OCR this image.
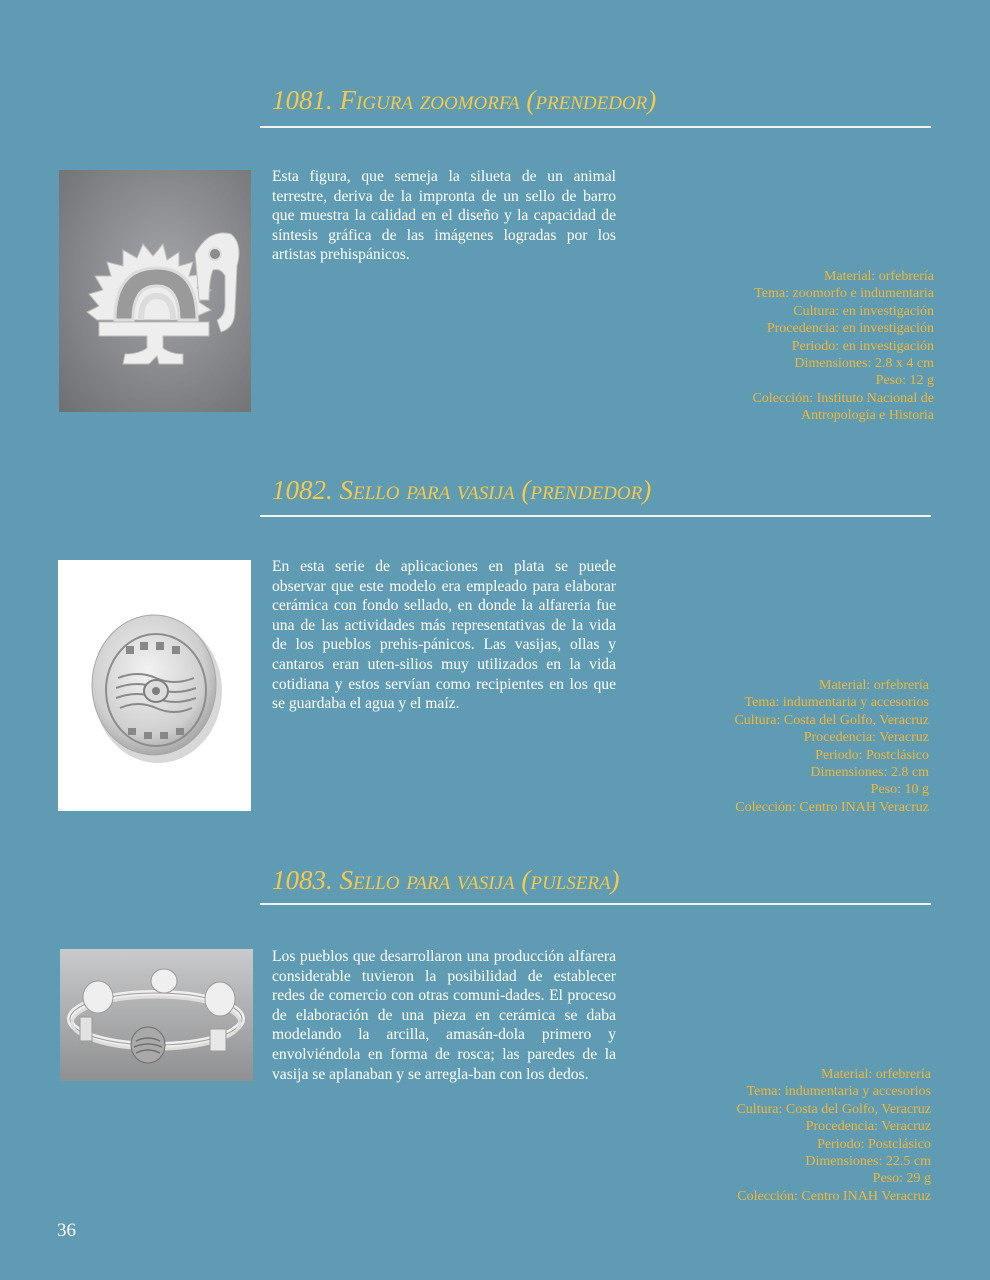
1081. Figura zoomorfa (prendedor)

Esta figura, que semeja la silueta de un animal terrestre, deriva de la impronta de un sello de barro que muestra la calidad en el diseño y la capacidad de síntesis gráfica de las imágenes logradas por los artistas prehispánicos.

Material: orfebrería
Tema: zoomorfo e indumentaria
Cultura: en investigación
Procedencia: en investigación
Periodo: en investigación
Dimensiones: 2.8 x 4 cm
Peso: 12 g
Colección: Instituto Nacional de
Antropología e Historia
1082. Sello para vasija (prendedor)

En esta serie de aplicaciones en plata se puede observar que este modelo era empleado para elaborar cerámica con fondo sellado, en donde la alfarería fue una de las actividades más representativas de la vida de los pueblos prehis-pánicos. Las vasijas, ollas y cantaros eran uten-silios muy utilizados en la vida cotidiana y estos servían como recipientes en los que se guardaba el agua y el maíz.

Material: orfebrería
Tema: indumentaria y accesorios
Cultura: Costa del Golfo, Veracruz
Procedencia: Veracruz
Periodo: Postclásico
Dimensiones: 2.8 cm
Peso: 10 g
Colección: Centro INAH Veracruz
1083. Sello para vasija (pulsera)

Los pueblos que desarrollaron una producción alfarera considerable tuvieron la posibilidad de establecer redes de comercio con otras comuni-dades. El proceso de elaboración de una pieza en cerámica se daba modelando la arcilla, amasán-dola primero y envolviéndola en forma de rosca; las paredes de la vasija se aplanaban y se arregla-ban con los dedos.	Material: orfebrería
Tema: indumentaria y accesorios
Cultura: Costa del Golfo, Veracruz
Procedencia: Veracruz
Periodo: Postclásico
Dimensiones: 22.5 cm
Peso: 29 g
Colección: Centro INAH Veracruz
36
